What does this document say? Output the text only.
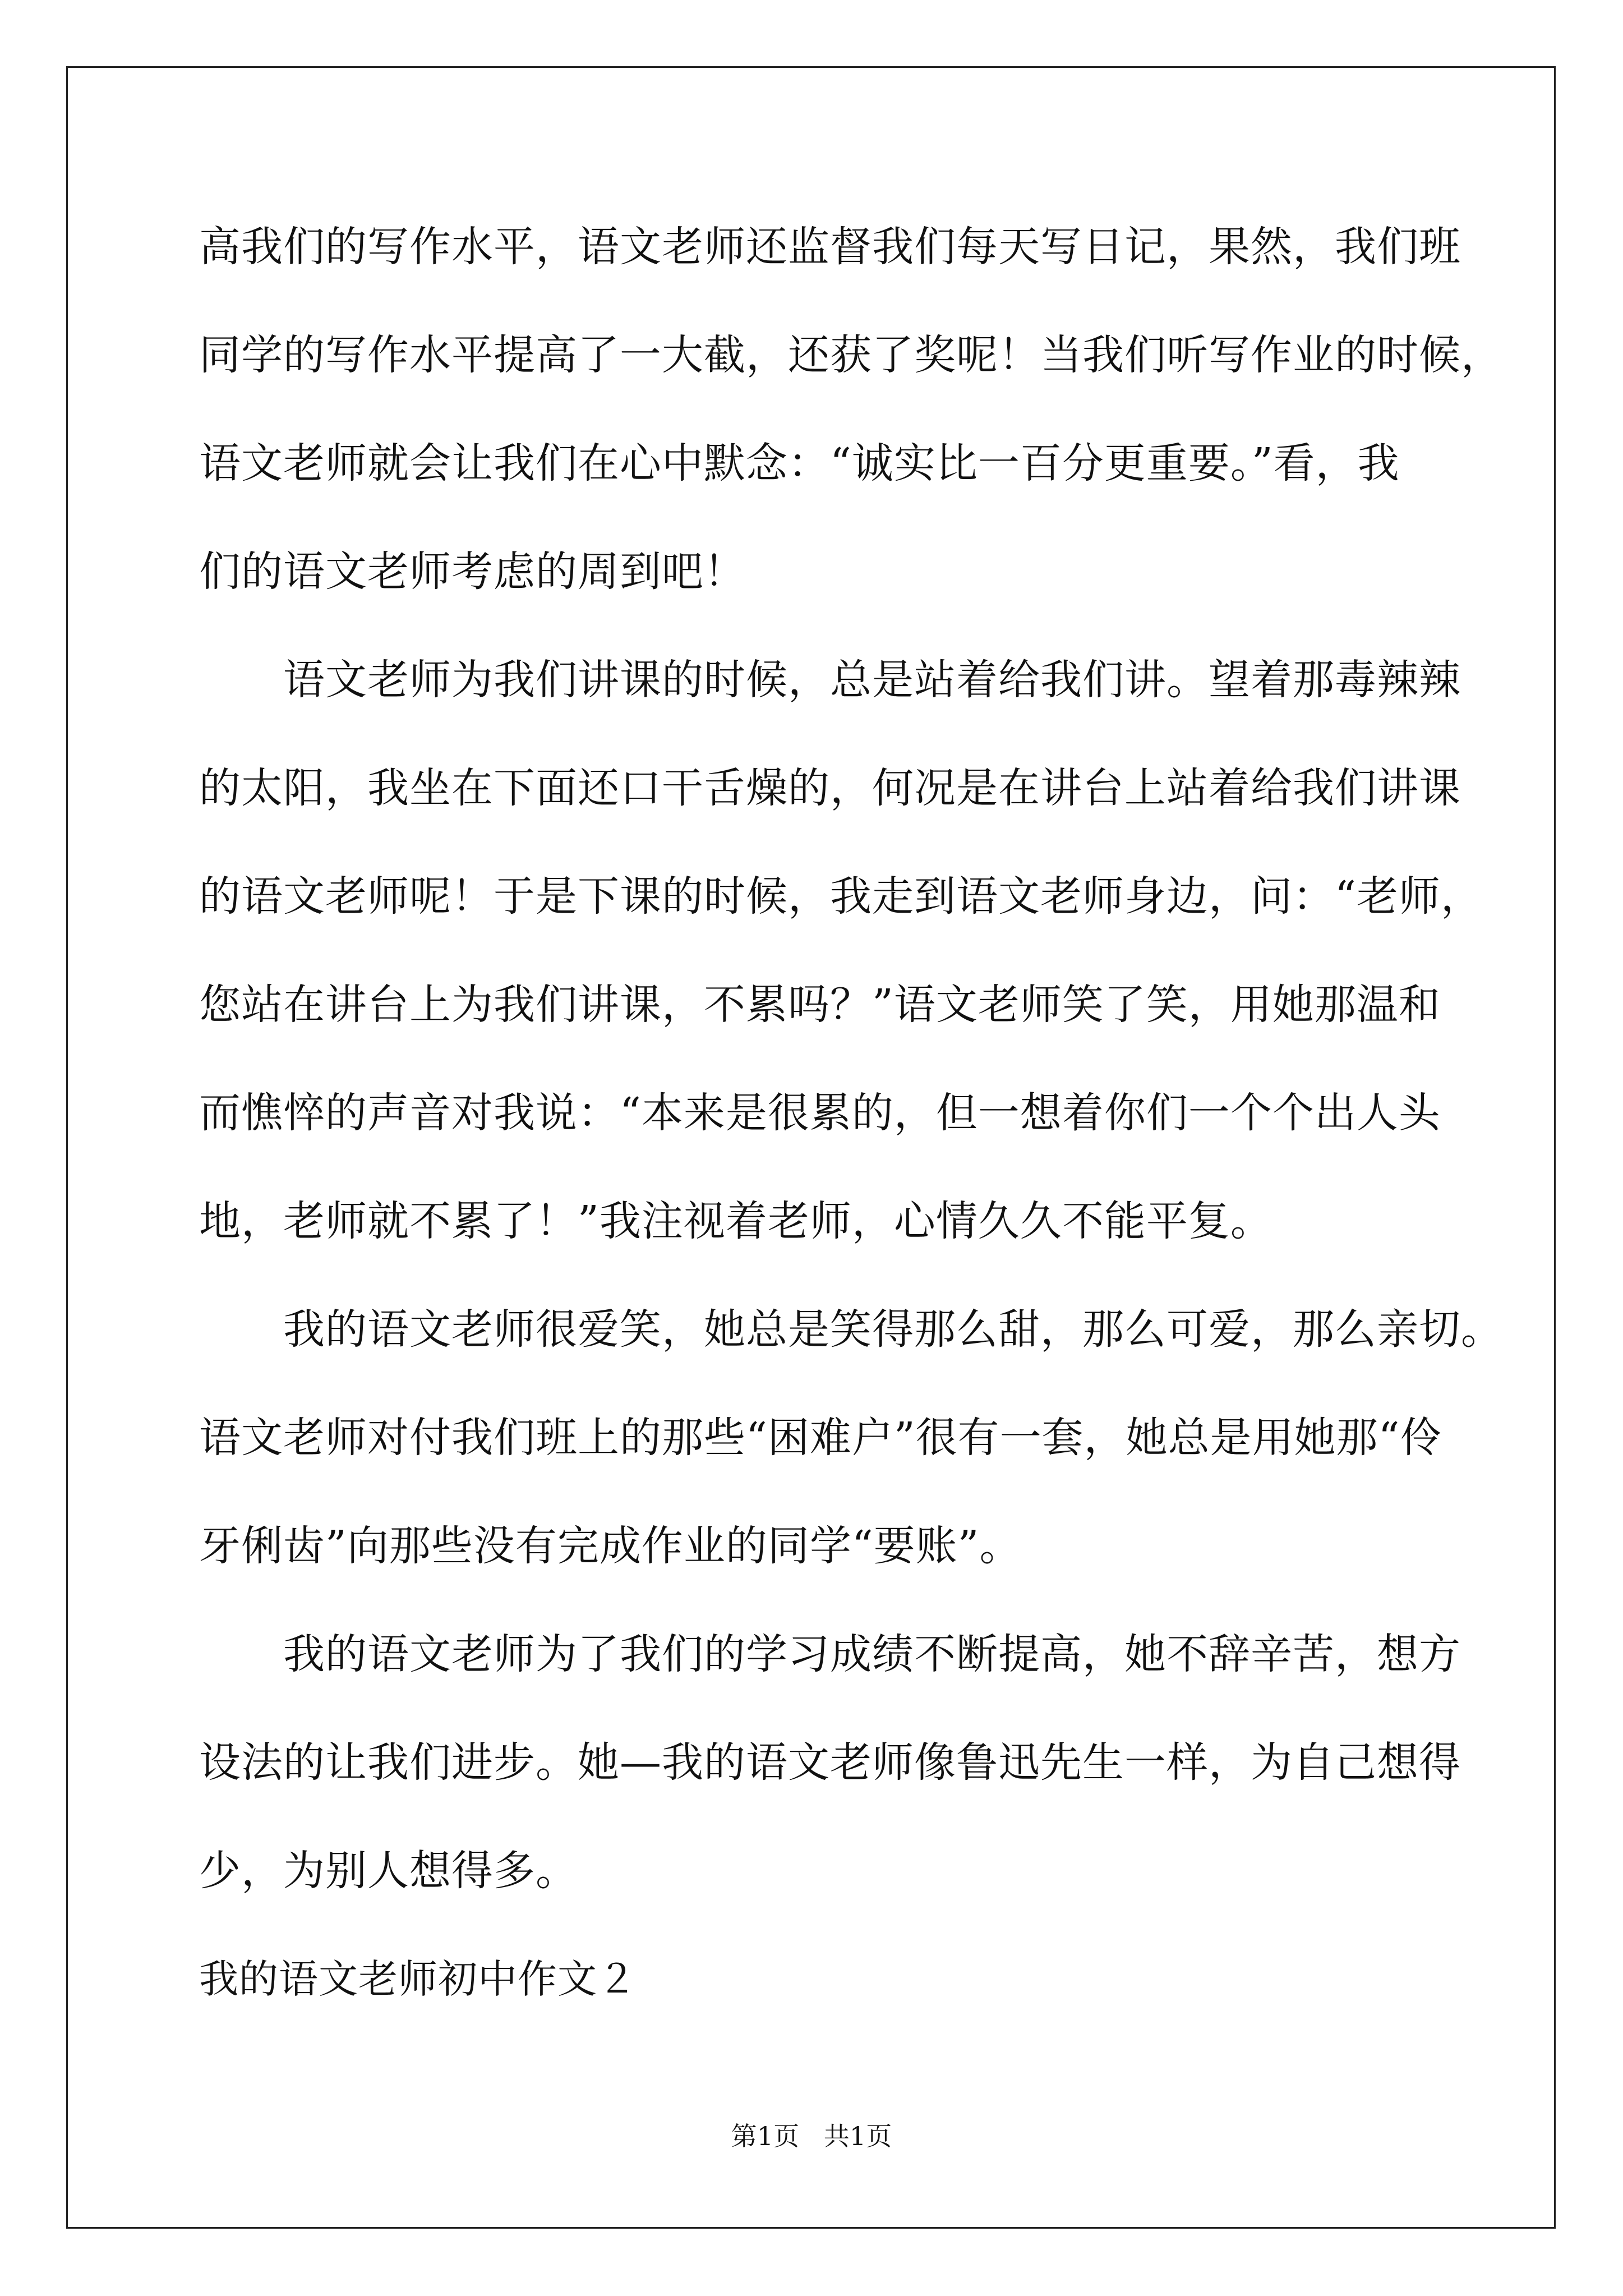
高我们的写作水平，语文老师还监督我们每天写日记，果然，我们班
同学的写作水平提高了一大截，还获了奖呢！当我们听写作业的时候，
语文老师就会让我们在心中默念：“诚实比一百分更重要。”看，我
们的语文老师考虑的周到吧！
　　语文老师为我们讲课的时候，总是站着给我们讲。望着那毒辣辣
的太阳，我坐在下面还口干舌燥的，何况是在讲台上站着给我们讲课
的语文老师呢！于是下课的时候，我走到语文老师身边，问：“老师，
您站在讲台上为我们讲课，不累吗？”语文老师笑了笑，用她那温和
而憔悴的声音对我说：“本来是很累的，但一想着你们一个个出人头
地，老师就不累了！”我注视着老师，心情久久不能平复。
　　我的语文老师很爱笑，她总是笑得那么甜，那么可爱，那么亲切。
语文老师对付我们班上的那些“困难户”很有一套，她总是用她那“伶
牙俐齿”向那些没有完成作业的同学“要账”。
　　我的语文老师为了我们的学习成绩不断提高，她不辞辛苦，想方
设法的让我们进步。她—我的语文老师像鲁迅先生一样，为自己想得
少，为别人想得多。
我的语文老师初中作文２
第1页   共1页
